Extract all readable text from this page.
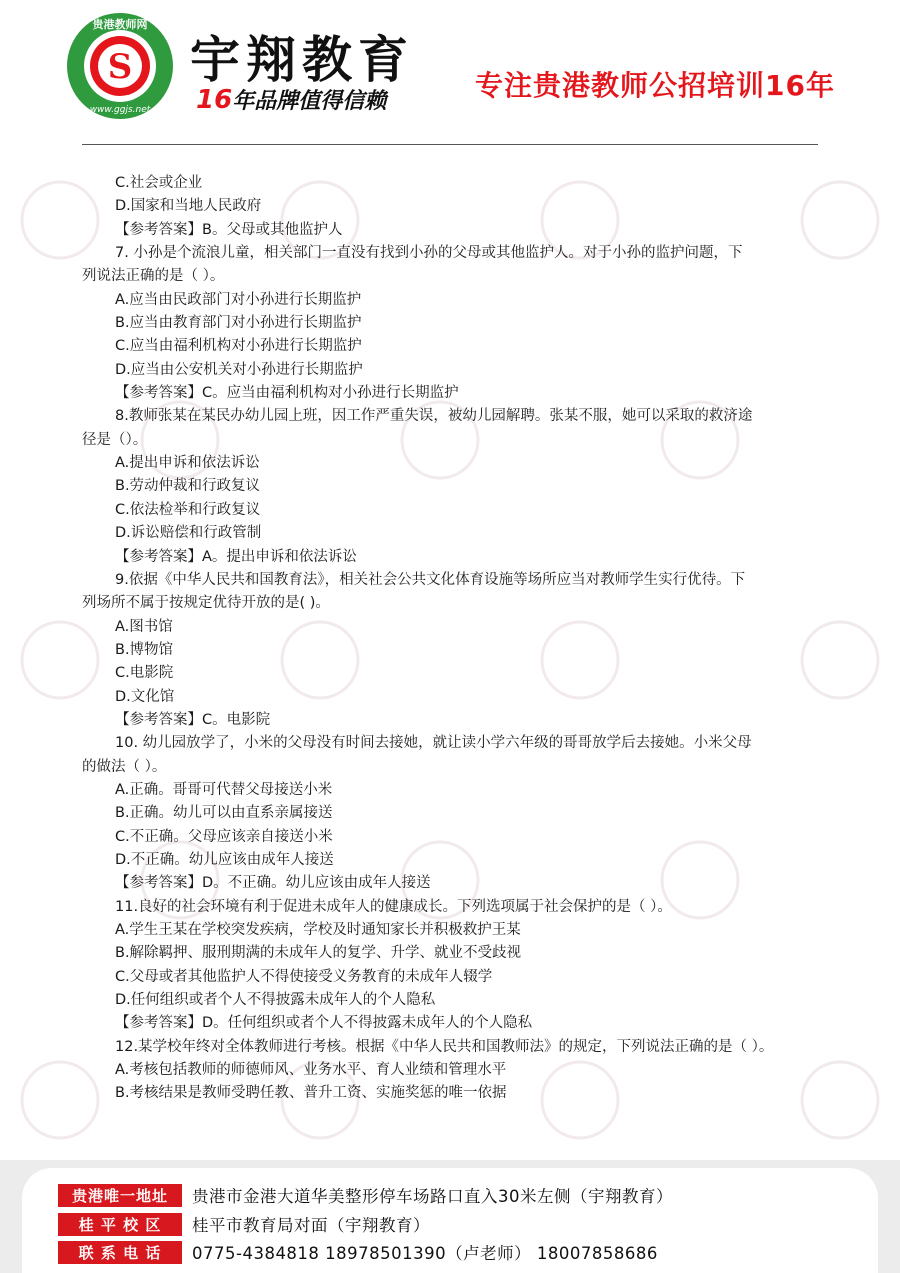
S
贵港教师网
www.ggjs.net
宇翔教育
16年品牌值得信赖	专注贵港教师公招培训16年
C.社会或企业
D.国家和当地人民政府
【参考答案】B。父母或其他监护人
7. 小孙是个流浪儿童，相关部门一直没有找到小孙的父母或其他监护人。对于小孙的监护问题，下
列说法正确的是（ ）。
A.应当由民政部门对小孙进行长期监护
B.应当由教育部门对小孙进行长期监护
C.应当由福利机构对小孙进行长期监护
D.应当由公安机关对小孙进行长期监护
【参考答案】C。应当由福利机构对小孙进行长期监护
8.教师张某在某民办幼儿园上班，因工作严重失误，被幼儿园解聘。张某不服，她可以采取的救济途
径是（）。
A.提出申诉和依法诉讼
B.劳动仲裁和行政复议
C.依法检举和行政复议
D.诉讼赔偿和行政管制
【参考答案】A。提出申诉和依法诉讼
9.依据《中华人民共和国教育法》，相关社会公共文化体育设施等场所应当对教师学生实行优待。下
列场所不属于按规定优待开放的是( )。
A.图书馆
B.博物馆
C.电影院
D.文化馆
【参考答案】C。电影院
10. 幼儿园放学了，小米的父母没有时间去接她，就让读小学六年级的哥哥放学后去接她。小米父母
的做法（ ）。
A.正确。哥哥可代替父母接送小米
B.正确。幼儿可以由直系亲属接送
C.不正确。父母应该亲自接送小米
D.不正确。幼儿应该由成年人接送
【参考答案】D。不正确。幼儿应该由成年人接送
11.良好的社会环境有利于促进未成年人的健康成长。下列选项属于社会保护的是（ ）。
A.学生王某在学校突发疾病，学校及时通知家长并积极救护王某
B.解除羁押、服刑期满的未成年人的复学、升学、就业不受歧视
C.父母或者其他监护人不得使接受义务教育的未成年人辍学
D.任何组织或者个人不得披露未成年人的个人隐私
【参考答案】D。任何组织或者个人不得披露未成年人的个人隐私
12.某学校年终对全体教师进行考核。根据《中华人民共和国教师法》的规定，下列说法正确的是（ ）。
A.考核包括教师的师德师风、业务水平、育人业绩和管理水平
B.考核结果是教师受聘任教、普升工资、实施奖惩的唯一依据
贵港唯一地址	贵港市金港大道华美整形停车场路口直入30米左侧（宇翔教育）
桂 平 校 区	桂平市教育局对面（宇翔教育）
联 系 电 话	0775-4384818 18978501390（卢老师） 18007858686
